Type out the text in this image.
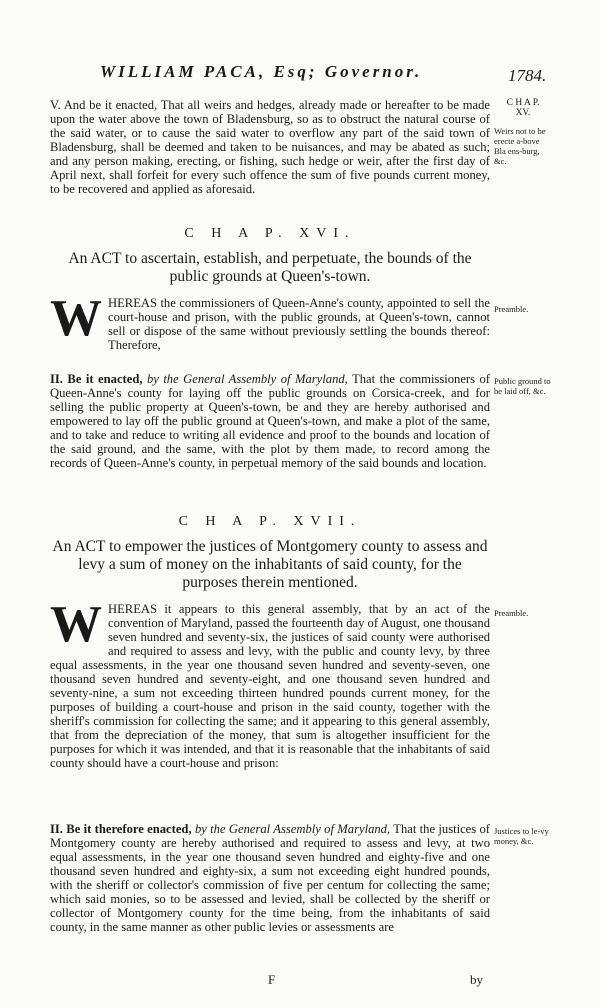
WILLIAM PACA, Esq; Governor.	1784.

V. And be it enacted, That all weirs and hedges, already made or hereafter to be made upon the water above the town of Bladensburg, so as to obstruct the natural course of the said water, or to cause the said water to overflow any part of the said town of Bladensburg, shall be deemed and taken to be nuisances, and may be abated as such; and any person making, erecting, or fishing, such hedge or weir, after the first day of April next, shall forfeit for every such offence the sum of five pounds current money, to be recovered and applied as aforesaid.

C H A P. XVI.
An ACT to ascertain, establish, and perpetuate, the bounds of the public grounds at Queen's-town.
W HEREAS the commissioners of Queen-Anne's county, appointed to sell the court-house and prison, with the public grounds, at Queen's-town, cannot sell or dispose of the same without previously settling the bounds thereof: Therefore,

II. Be it enacted, by the General Assembly of Maryland, That the commissioners of Queen-Anne's county for laying off the public grounds on Corsica-creek, and for selling the public property at Queen's-town, be and they are hereby authorised and empowered to lay off the public ground at Queen's-town, and make a plot of the same, and to take and reduce to writing all evidence and proof to the bounds and location of the said ground, and the same, with the plot by them made, to record among the records of Queen-Anne's county, in perpetual memory of the said bounds and location.

C H A P. XVII.
An ACT to empower the justices of Montgomery county to assess and levy a sum of money on the inhabitants of said county, for the purposes therein mentioned.
W HEREAS it appears to this general assembly, that by an act of the convention of Maryland, passed the fourteenth day of August, one thousand seven hundred and seventy-six, the justices of said county were authorised and required to assess and levy, with the public and county levy, by three equal assessments, in the year one thousand seven hundred and seventy-seven, one thousand seven hundred and seventy-eight, and one thousand seven hundred and seventy-nine, a sum not exceeding thirteen hundred pounds current money, for the purposes of building a court-house and prison in the said county, together with the sheriff's commission for collecting the same; and it appearing to this general assembly, that from the depreciation of the money, that sum is altogether insufficient for the purposes for which it was intended, and that it is reasonable that the inhabitants of said county should have a court-house and prison:

II. Be it therefore enacted, by the General Assembly of Maryland, That the justices of Montgomery county are hereby authorised and required to assess and levy, at two equal assessments, in the year one thousand seven hundred and eighty-five and one thousand seven hundred and eighty-six, a sum not exceeding eight hundred pounds, with the sheriff or collector's commission of five per centum for collecting the same; which said monies, so to be assessed and levied, shall be collected by the sheriff or collector of Montgomery county for the time being, from the inhabitants of said county, in the same manner as other public levies or assessments are

C H A P.
XV.
Weirs not to be erecte a-bove Bla ens-burg, &c.
Preamble.
Public ground to be laid off, &c.
Preamble.
Justices to le-vy money, &c.
F	by
